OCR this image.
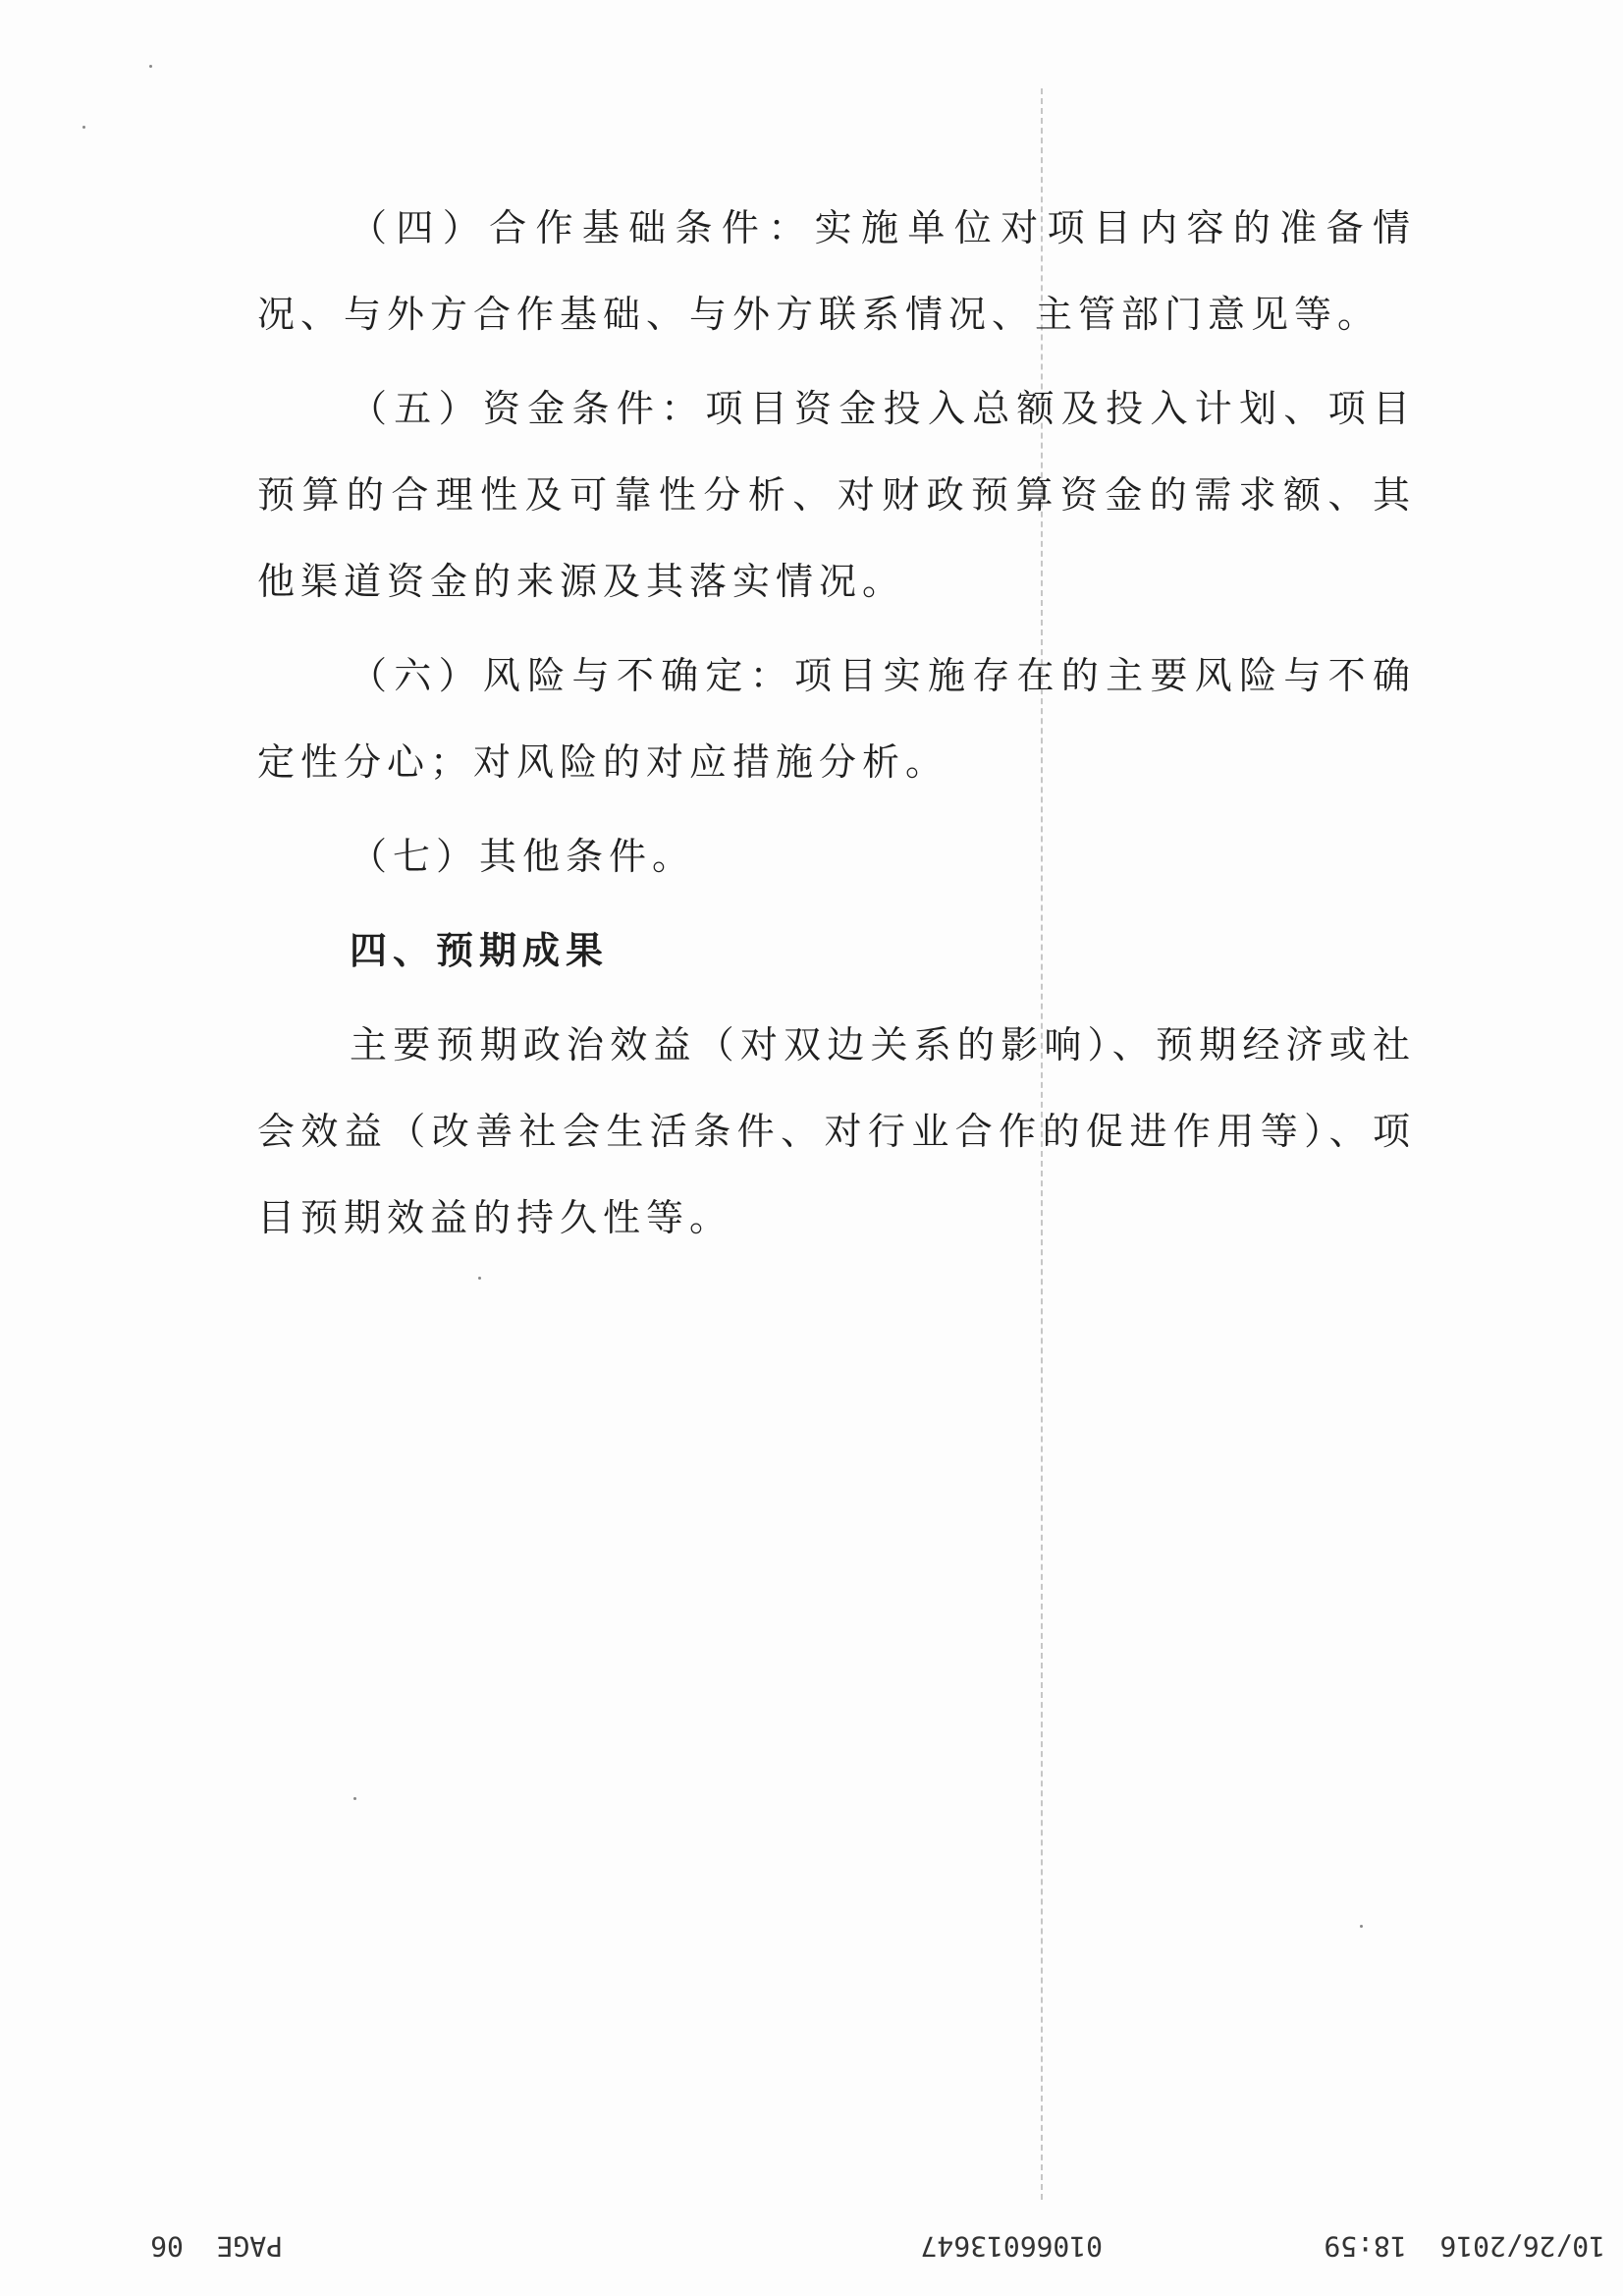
（四）合作基础条件：实施单位对项目内容的准备情况、与外方合作基础、与外方联系情况、主管部门意见等。

（五）资金条件：项目资金投入总额及投入计划、项目预算的合理性及可靠性分析、对财政预算资金的需求额、其他渠道资金的来源及其落实情况。

（六）风险与不确定：项目实施存在的主要风险与不确定性分心；对风险的对应措施分析。

（七）其他条件。

四、预期成果

主要预期政治效益（对双边关系的影响）、预期经济或社会效益（改善社会生活条件、对行业合作的促进作用等）、项目预期效益的持久性等。

10/26/2016  18:59
01066013647
PAGE  06
